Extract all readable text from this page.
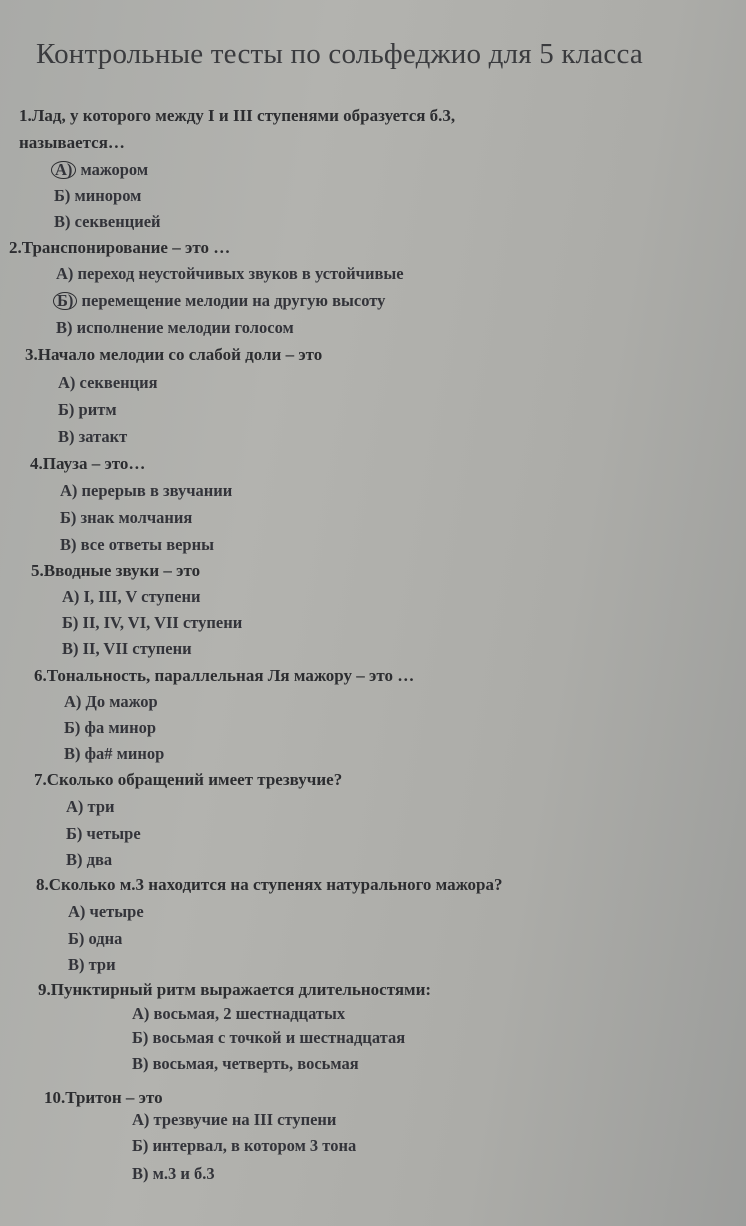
Контрольные тесты по сольфеджио для 5 класса
1.Лад, у которого между I и III ступенями образуется б.3,
называется…
А) мажором
Б) минором
В) секвенцией
2.Транспонирование – это …
А) переход неустойчивых звуков в устойчивые
Б) перемещение мелодии на другую высоту
В) исполнение мелодии голосом
3.Начало мелодии со слабой доли – это
А) секвенция
Б) ритм
В) затакт
4.Пауза – это…
А) перерыв в звучании
Б) знак молчания
В) все ответы верны
5.Вводные звуки – это
А) I, III, V ступени
Б) II, IV, VI, VII ступени
В) II, VII ступени
6.Тональность, параллельная Ля мажору – это …
А) До мажор
Б) фа минор
В) фа# минор
7.Сколько обращений имеет трезвучие?
А) три
Б) четыре
В) два
8.Сколько м.3 находится на ступенях натурального мажора?
А) четыре
Б) одна
В) три
9.Пунктирный ритм выражается длительностями:
А) восьмая, 2 шестнадцатых
Б) восьмая с точкой и шестнадцатая
В) восьмая, четверть, восьмая
10.Тритон – это
А) трезвучие на III ступени
Б) интервал, в котором 3 тона
В) м.3 и б.3
